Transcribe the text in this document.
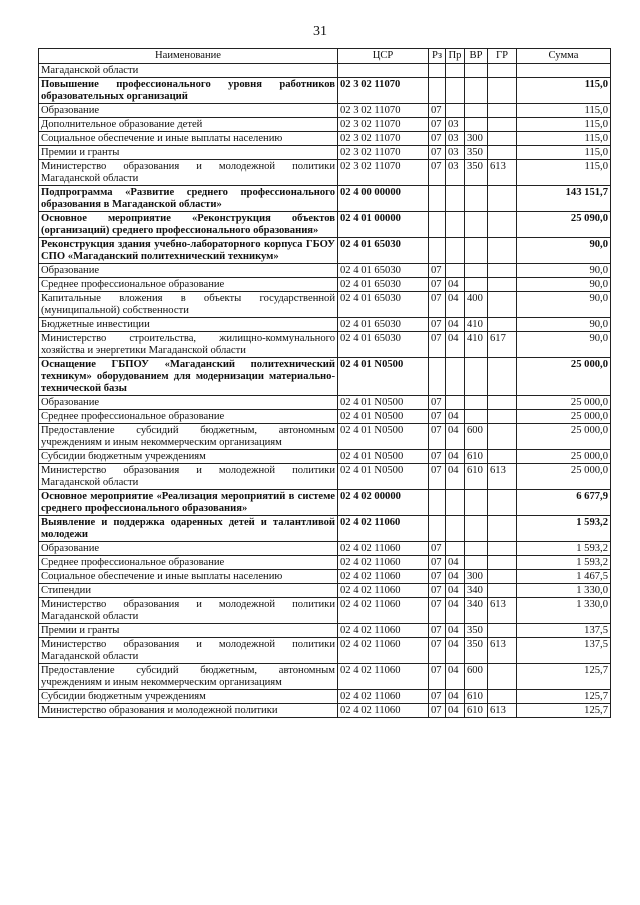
31
Наименование	ЦСР	Рз	Пр	ВР	ГР	Сумма
Магаданской области						
Повышение профессионального уровня работников образовательных организаций	02 3 02 11070					115,0
Образование	02 3 02 11070	07				115,0
Дополнительное образование детей	02 3 02 11070	07	03			115,0
Социальное обеспечение и иные выплаты населению	02 3 02 11070	07	03	300		115,0
Премии и гранты	02 3 02 11070	07	03	350		115,0
Министерство образования и молодежной политики Магаданской области	02 3 02 11070	07	03	350	613	115,0
Подпрограмма «Развитие среднего профессионального образования в Магаданской области»	02 4 00 00000					143 151,7
Основное мероприятие «Реконструкция объектов (организаций) среднего профессионального образования»	02 4 01 00000					25 090,0
Реконструкция здания учебно-лабораторного корпуса ГБОУ СПО «Магаданский политехнический техникум»	02 4 01 65030					90,0
Образование	02 4 01 65030	07				90,0
Среднее профессиональное образование	02 4 01 65030	07	04			90,0
Капитальные вложения в объекты государственной (муниципальной) собственности	02 4 01 65030	07	04	400		90,0
Бюджетные инвестиции	02 4 01 65030	07	04	410		90,0
Министерство строительства, жилищно-коммунального хозяйства и энергетики Магаданской области	02 4 01 65030	07	04	410	617	90,0
Оснащение ГБПОУ «Магаданский политехнический техникум» оборудованием для модернизации материально-технической базы	02 4 01 N0500					25 000,0
Образование	02 4 01 N0500	07				25 000,0
Среднее профессиональное образование	02 4 01 N0500	07	04			25 000,0
Предоставление субсидий бюджетным, автономным учреждениям и иным некоммерческим организациям	02 4 01 N0500	07	04	600		25 000,0
Субсидии бюджетным учреждениям	02 4 01 N0500	07	04	610		25 000,0
Министерство образования и молодежной политики Магаданской области	02 4 01 N0500	07	04	610	613	25 000,0
Основное мероприятие «Реализация мероприятий в системе среднего профессионального образования»	02 4 02 00000					6 677,9
Выявление и поддержка одаренных детей и талантливой молодежи	02 4 02 11060					1 593,2
Образование	02 4 02 11060	07				1 593,2
Среднее профессиональное образование	02 4 02 11060	07	04			1 593,2
Социальное обеспечение и иные выплаты населению	02 4 02 11060	07	04	300		1 467,5
Стипендии	02 4 02 11060	07	04	340		1 330,0
Министерство образования и молодежной политики Магаданской области	02 4 02 11060	07	04	340	613	1 330,0
Премии и гранты	02 4 02 11060	07	04	350		137,5
Министерство образования и молодежной политики Магаданской области	02 4 02 11060	07	04	350	613	137,5
Предоставление субсидий бюджетным, автономным учреждениям и иным некоммерческим организациям	02 4 02 11060	07	04	600		125,7
Субсидии бюджетным учреждениям	02 4 02 11060	07	04	610		125,7
Министерство образования и молодежной политики	02 4 02 11060	07	04	610	613	125,7
